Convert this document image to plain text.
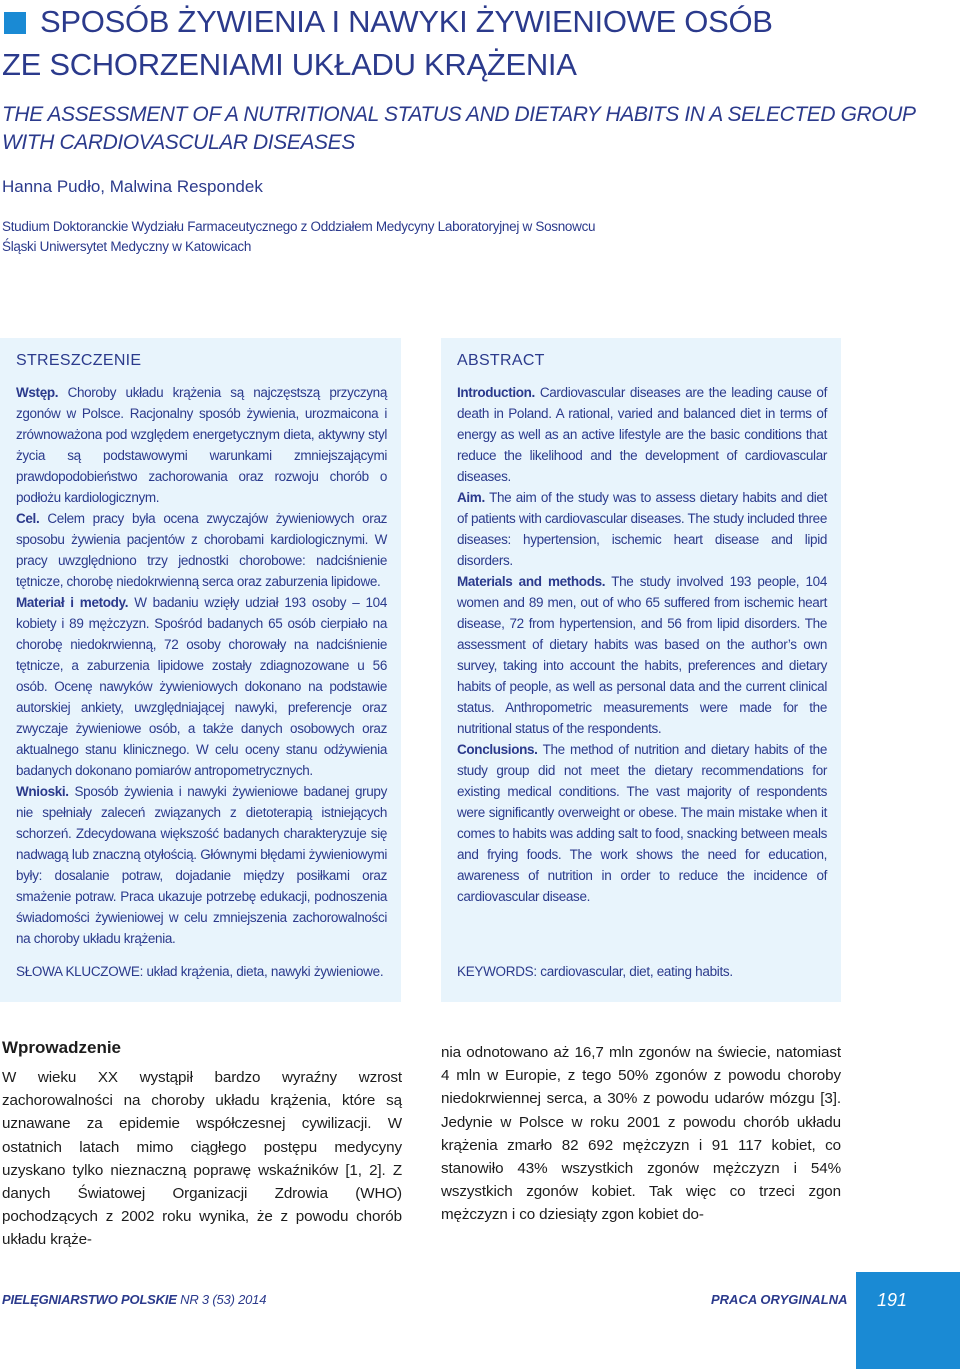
SPOSÓB ŻYWIENIA I NAWYKI ŻYWIENIOWE OSÓB
ZE SCHORZENIAMI UKŁADU KRĄŻENIA
THE ASSESSMENT OF A NUTRITIONAL STATUS AND DIETARY HABITS IN A SELECTED GROUP
WITH CARDIOVASCULAR DISEASES
Hanna Pudło, Malwina Respondek
Studium Doktoranckie Wydziału Farmaceutycznego z Oddziałem Medycyny Laboratoryjnej w Sosnowcu
Śląski Uniwersytet Medyczny w Katowicach
STRESZCZENIE

Wstęp. Choroby układu krążenia są najczęstszą przyczyną zgonów w Polsce. Racjonalny sposób żywienia, urozmaicona i zrównoważona pod względem energetycznym dieta, aktywny styl życia są podstawowymi warunkami zmniejszającymi prawdopodobieństwo zachorowania oraz rozwoju chorób o podłożu kardiologicznym.

Cel. Celem pracy była ocena zwyczajów żywieniowych oraz sposobu żywienia pacjentów z chorobami kardiologicznymi. W pracy uwzględniono trzy jednostki chorobowe: nadciśnienie tętnicze, chorobę niedokrwienną serca oraz zaburzenia lipidowe.

Materiał i metody. W badaniu wzięły udział 193 osoby – 104 kobiety i 89 mężczyzn. Spośród badanych 65 osób cierpiało na chorobę niedokrwienną, 72 osoby chorowały na nadciśnienie tętnicze, a zaburzenia lipidowe zostały zdiagnozowane u 56 osób. Ocenę nawyków żywieniowych dokonano na podstawie autorskiej ankiety, uwzględniającej nawyki, preferencje oraz zwyczaje żywieniowe osób, a także danych osobowych oraz aktualnego stanu klinicznego. W celu oceny stanu odżywienia badanych dokonano pomiarów antropometrycznych.

Wnioski. Sposób żywienia i nawyki żywieniowe badanej grupy nie spełniały zaleceń związanych z dietoterapią istniejących schorzeń. Zdecydowana większość badanych charakteryzuje się nadwagą lub znaczną otyłością. Głównymi błędami żywieniowymi były: dosalanie potraw, dojadanie między posiłkami oraz smażenie potraw. Praca ukazuje potrzebę edukacji, podnoszenia świadomości żywieniowej w celu zmniejszenia zachorowalności na choroby układu krążenia.

SŁOWA KLUCZOWE: układ krążenia, dieta, nawyki żywieniowe.
ABSTRACT

Introduction. Cardiovascular diseases are the leading cause of death in Poland. A rational, varied and balanced diet in terms of energy as well as an active lifestyle are the basic conditions that reduce the likelihood and the development of cardiovascular diseases.

Aim. The aim of the study was to assess dietary habits and diet of patients with cardiovascular diseases. The study included three diseases: hypertension, ischemic heart disease and lipid disorders.

Materials and methods. The study involved 193 people, 104 women and 89 men, out of who 65 suffered from ischemic heart disease, 72 from hypertension, and 56 from lipid disorders. The assessment of dietary habits was based on the author’s own survey, taking into account the habits, preferences and dietary habits of people, as well as personal data and the current clinical status. Anthropometric measurements were made for the nutritional status of the respondents.

Conclusions. The method of nutrition and dietary habits of the study group did not meet the dietary recommendations for existing medical conditions. The vast majority of respondents were significantly overweight or obese. The main mistake when it comes to habits was adding salt to food, snacking between meals and frying foods. The work shows the need for education, awareness of nutrition in order to reduce the incidence of cardiovascular disease.

KEYWORDS: cardiovascular, diet, eating habits.
Wprowadzenie

W wieku XX wystąpił bardzo wyraźny wzrost zachorowalności na choroby układu krążenia, które są uznawane za epidemie współczesnej cywilizacji. W ostatnich latach mimo ciągłego postępu medycyny uzyskano tylko nieznaczną poprawę wskaźników [1, 2]. Z danych Światowej Organizacji Zdrowia (WHO) pochodzących z 2002 roku wynika, że z powodu chorób układu krąże-

nia odnotowano aż 16,7 mln zgonów na świecie, natomiast 4 mln w Europie, z tego 50% zgonów z powodu choroby niedokrwiennej serca, a 30% z powodu udarów mózgu [3]. Jedynie w Polsce w roku 2001 z powodu chorób układu krążenia zmarło 82 692 mężczyzn i 91 117 kobiet, co stanowiło 43% wszystkich zgonów mężczyzn i 54% wszystkich zgonów kobiet. Tak więc co trzeci zgon mężczyzn i co dziesiąty zgon kobiet do-

PIELĘGNIARSTWO POLSKIE NR 3 (53) 2014	PRACA ORYGINALNA 191
